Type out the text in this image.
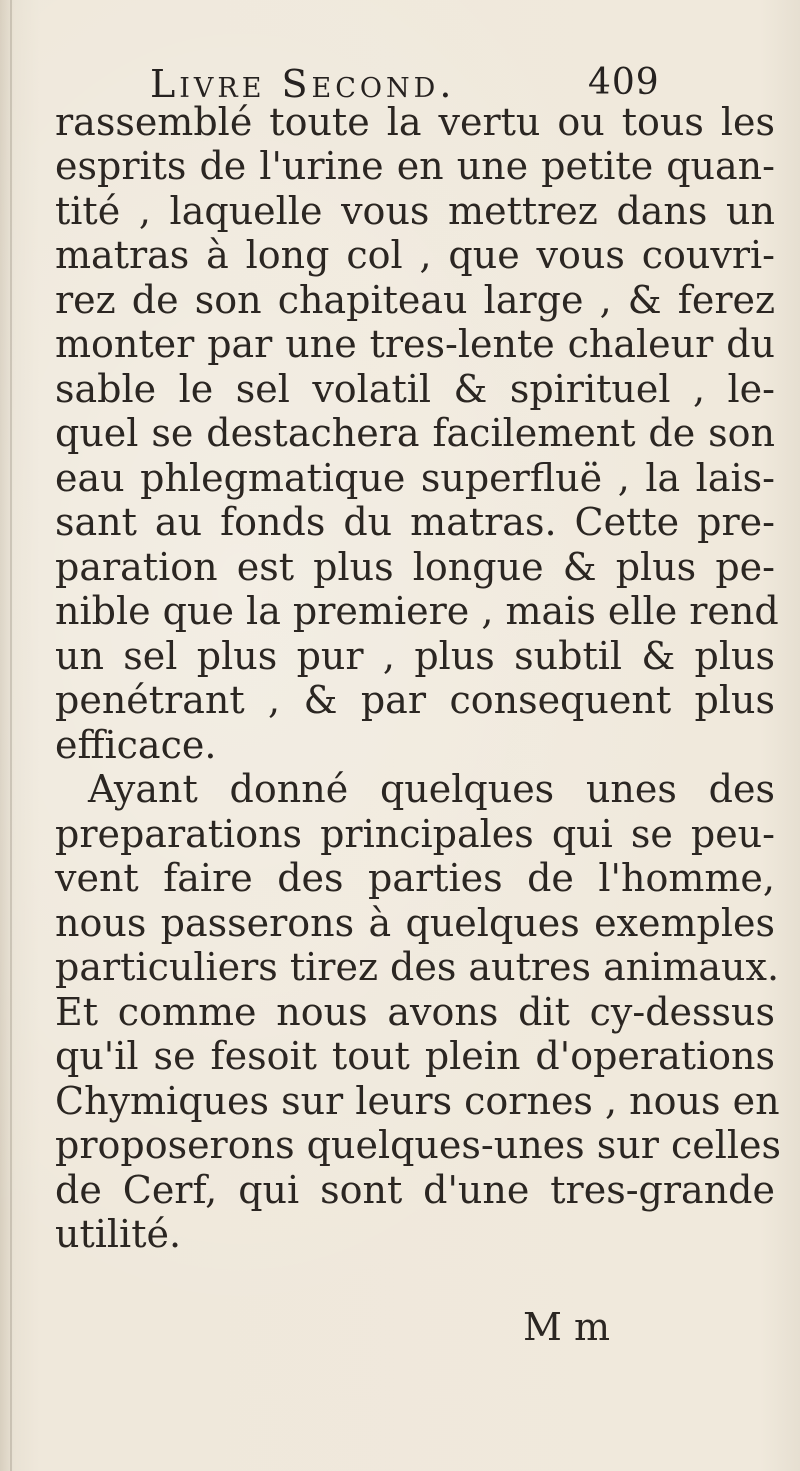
Livre Second.	409
rassemblé toute la vertu ou tous les
esprits de l'urine en une petite quan-
tité , laquelle vous mettrez dans un
matras à long col , que vous couvri-
rez de son chapiteau large , & ferez
monter par une tres-lente chaleur du
sable le sel volatil & spirituel , le-
quel se destachera facilement de son
eau phlegmatique superfluë , la lais-
sant au fonds du matras. Cette pre-
paration est plus longue & plus pe-
nible que la premiere , mais elle rend
un sel plus pur , plus subtil & plus
penétrant , & par consequent plus
efficace.
Ayant donné quelques unes des
preparations principales qui se peu-
vent faire des parties de l'homme,
nous passerons à quelques exemples
particuliers tirez des autres animaux.
Et comme nous avons dit cy-dessus
qu'il se fesoit tout plein d'operations
Chymiques sur leurs cornes , nous en
proposerons quelques-unes sur celles
de Cerf, qui sont d'une tres-grande
utilité.
M m
